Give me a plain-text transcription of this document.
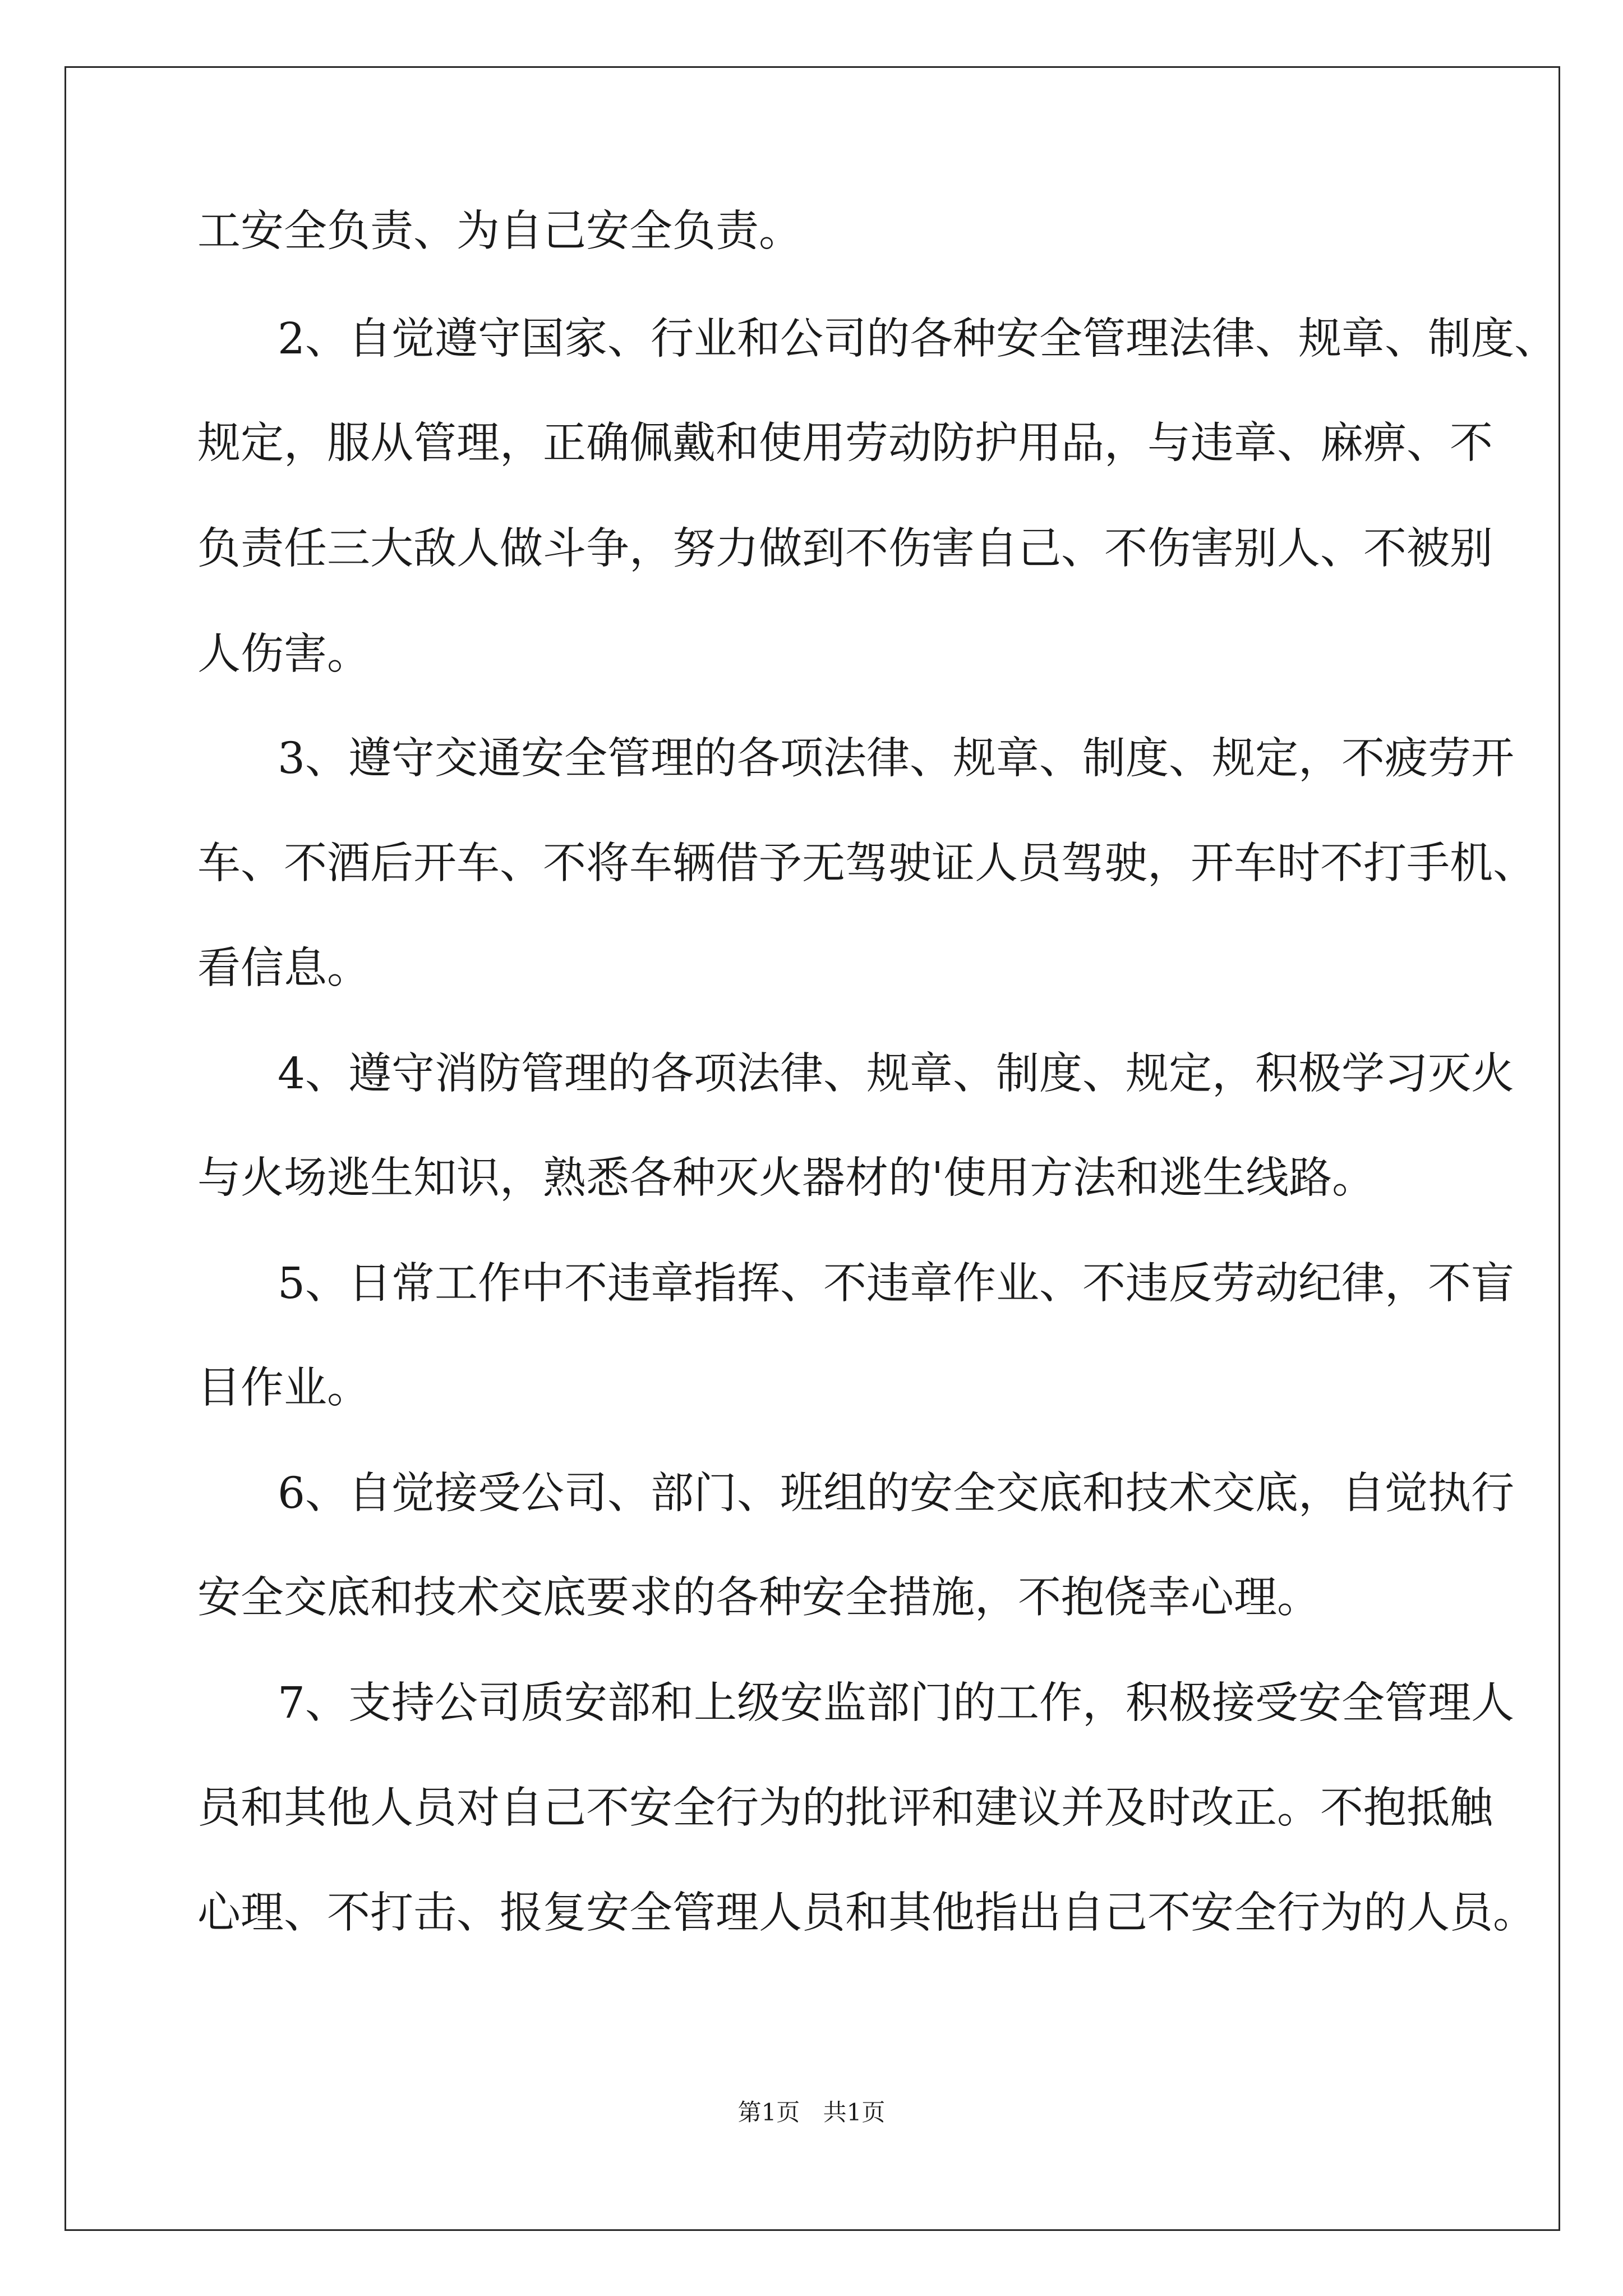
工安全负责、为自己安全负责。
2、自觉遵守国家、行业和公司的各种安全管理法律、规章、制度、
规定，服从管理，正确佩戴和使用劳动防护用品，与违章、麻痹、不
负责任三大敌人做斗争，努力做到不伤害自己、不伤害别人、不被别
人伤害。
3、遵守交通安全管理的各项法律、规章、制度、规定，不疲劳开
车、不酒后开车、不将车辆借予无驾驶证人员驾驶，开车时不打手机、
看信息。
4、遵守消防管理的各项法律、规章、制度、规定，积极学习灭火
与火场逃生知识，熟悉各种灭火器材的'使用方法和逃生线路。
5、日常工作中不违章指挥、不违章作业、不违反劳动纪律，不盲
目作业。
6、自觉接受公司、部门、班组的安全交底和技术交底，自觉执行
安全交底和技术交底要求的各种安全措施，不抱侥幸心理。
7、支持公司质安部和上级安监部门的工作，积极接受安全管理人
员和其他人员对自己不安全行为的批评和建议并及时改正。不抱抵触
心理、不打击、报复安全管理人员和其他指出自己不安全行为的人员。
第1页 共1页
